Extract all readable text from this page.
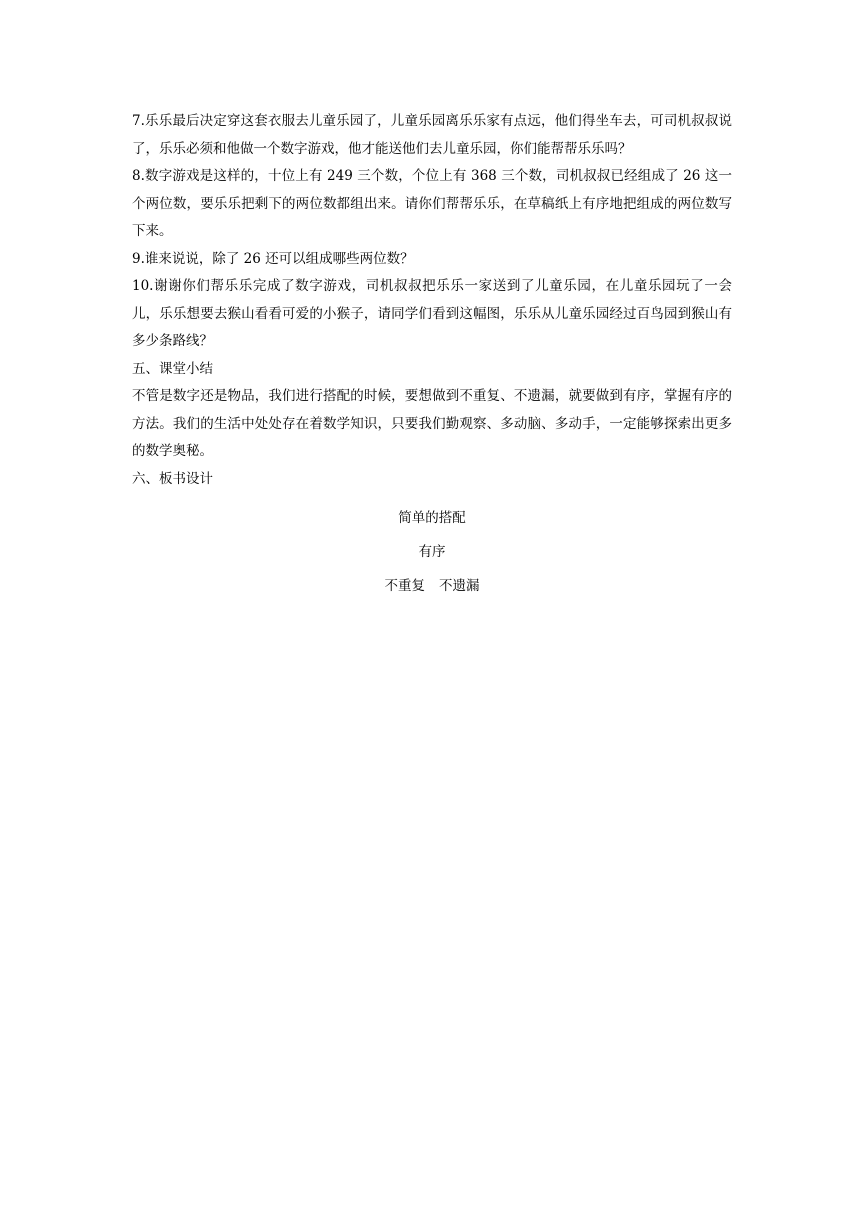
7.乐乐最后决定穿这套衣服去儿童乐园了，儿童乐园离乐乐家有点远，他们得坐车去，可司机叔叔说了，乐乐必须和他做一个数字游戏，他才能送他们去儿童乐园，你们能帮帮乐乐吗？

8.数字游戏是这样的，十位上有 249 三个数，个位上有 368 三个数，司机叔叔已经组成了 26 这一个两位数，要乐乐把剩下的两位数都组出来。请你们帮帮乐乐，在草稿纸上有序地把组成的两位数写下来。

9.谁来说说，除了 26 还可以组成哪些两位数？

10.谢谢你们帮乐乐完成了数字游戏，司机叔叔把乐乐一家送到了儿童乐园，在儿童乐园玩了一会儿，乐乐想要去猴山看看可爱的小猴子，请同学们看到这幅图，乐乐从儿童乐园经过百鸟园到猴山有多少条路线？

五、课堂小结

不管是数字还是物品，我们进行搭配的时候，要想做到不重复、不遗漏，就要做到有序，掌握有序的方法。我们的生活中处处存在着数学知识，只要我们勤观察、多动脑、多动手，一定能够探索出更多的数学奥秘。

六、板书设计

简单的搭配

有序

不重复 不遗漏
